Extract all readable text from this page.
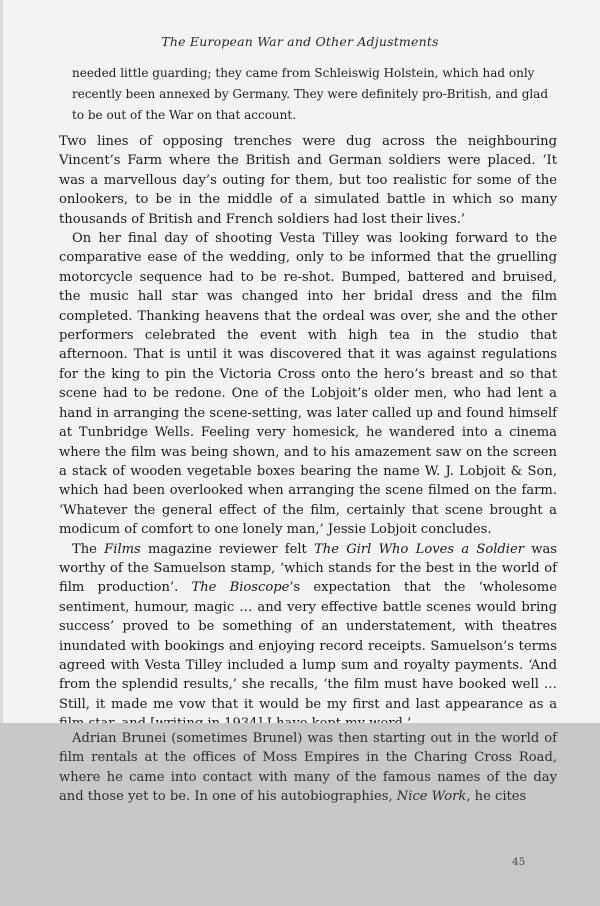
The European War and Other Adjustments

needed little guarding; they came from Schleiswig Holstein, which had only recently been annexed by Germany. They were definitely pro-British, and glad to be out of the War on that account.

Two lines of opposing trenches were dug across the neighbouring Vincent’s Farm where the British and German soldiers were placed. ‘It was a marvellous day’s outing for them, but too realistic for some of the onlookers, to be in the middle of a simulated battle in which so many thousands of British and French soldiers had lost their lives.’

On her final day of shooting Vesta Tilley was looking forward to the comparative ease of the wedding, only to be informed that the gruelling motorcycle sequence had to be re-shot. Bumped, battered and bruised, the music hall star was changed into her bridal dress and the film completed. Thanking heavens that the ordeal was over, she and the other performers celebrated the event with high tea in the studio that afternoon. That is until it was discovered that it was against regulations for the king to pin the Victoria Cross onto the hero’s breast and so that scene had to be redone. One of the Lobjoit’s older men, who had lent a hand in arranging the scene-setting, was later called up and found himself at Tunbridge Wells. Feeling very homesick, he wandered into a cinema where the film was being shown, and to his amazement saw on the screen a stack of wooden vegetable boxes bearing the name W. J. Lobjoit & Son, which had been overlooked when arranging the scene filmed on the farm. ‘Whatever the general effect of the film, certainly that scene brought a modicum of comfort to one lonely man,’ Jessie Lobjoit concludes.

The Films magazine reviewer felt The Girl Who Loves a Soldier was worthy of the Samuelson stamp, ‘which stands for the best in the world of film production’. The Bioscope’s expectation that the ‘wholesome sentiment, humour, magic … and very effective battle scenes would bring success’ proved to be something of an understatement, with theatres inundated with bookings and enjoying record receipts. Samuelson’s terms agreed with Vesta Tilley included a lump sum and royalty payments. ‘And from the splendid results,’ she recalls, ‘the film must have booked well … Still, it made me vow that it would be my first and last appearance as a

Adrian Brunei (sometimes Brunel) was then starting out in the world of film rentals at the offices of Moss Empires in the Charing Cross Road, where he came into contact with many of the famous names of the day and those yet to be. In one of his autobiographies, Nice Work, he cites
45
